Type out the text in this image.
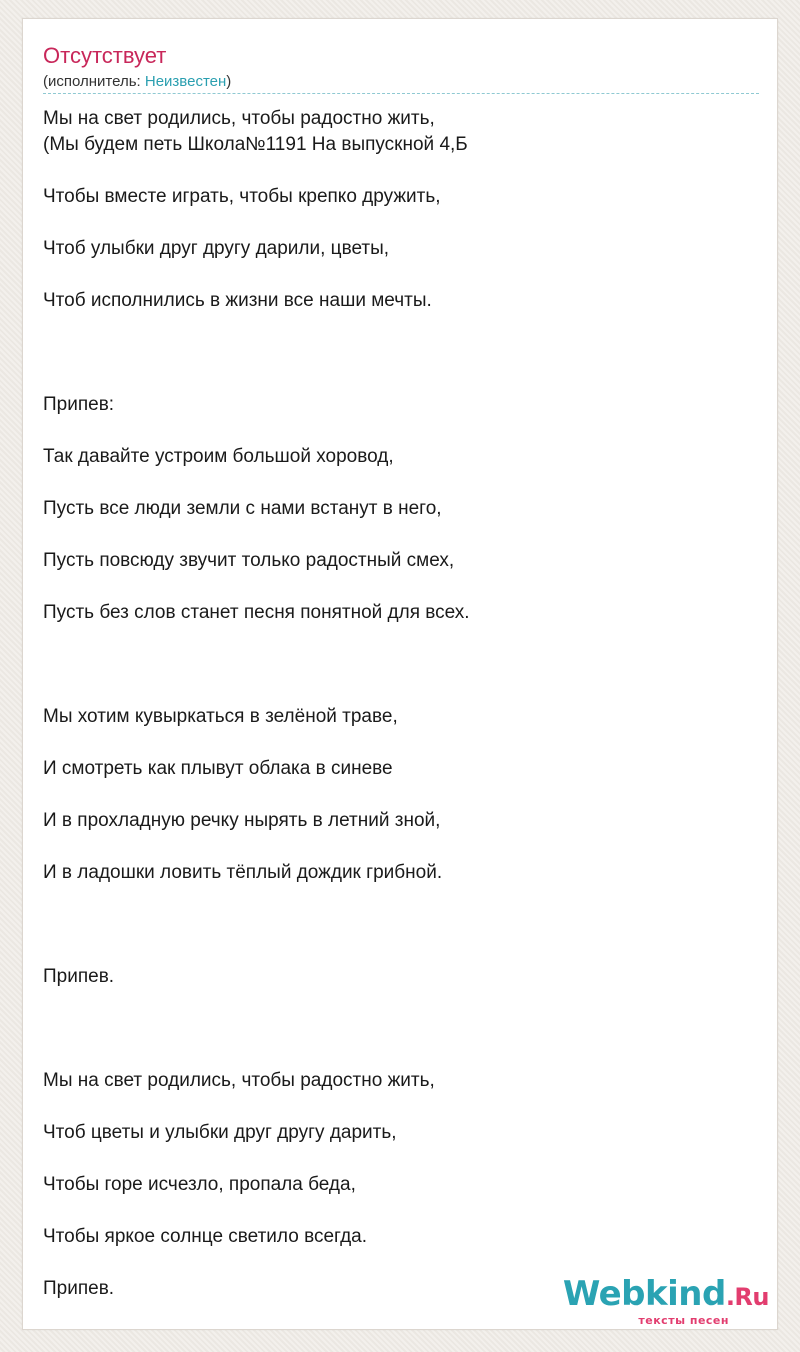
Отсутствует
(исполнитель: Неизвестен)
Мы на свет родились, чтобы радостно жить,
(Мы будем петь Школа№1191 На выпускной 4,Б
Чтобы вместе играть, чтобы крепко дружить,
Чтоб улыбки друг другу дарили, цветы,
Чтоб исполнились в жизни все наши мечты.
Припев:
Так давайте устроим большой хоровод,
Пусть все люди земли с нами встанут в него,
Пусть повсюду звучит только радостный смех,
Пусть без слов станет песня понятной для всех.
Мы хотим кувыркаться в зелёной траве,
И смотреть как плывут облака в синеве
И в прохладную речку нырять в летний зной,
И в ладошки ловить тёплый дождик грибной.
Припев.
Мы на свет родились, чтобы радостно жить,
Чтоб цветы и улыбки друг другу дарить,
Чтобы горе исчезло, пропала беда,
Чтобы яркое солнце светило всегда.
Припев.	Webkind.Ru
тексты песен
